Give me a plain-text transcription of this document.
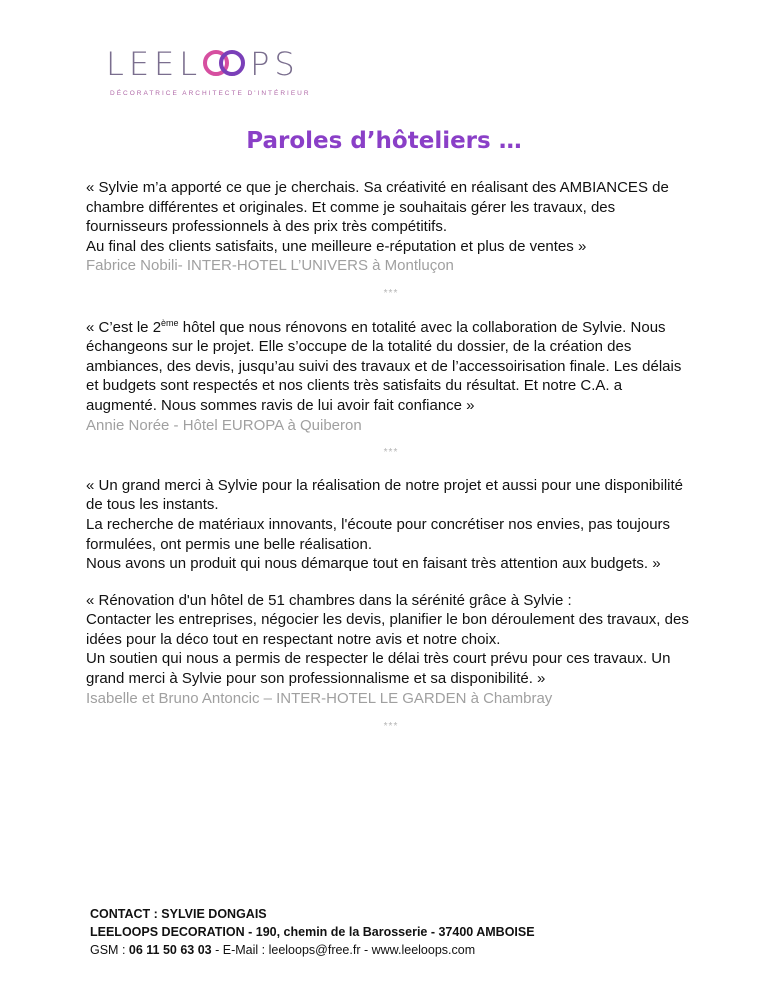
LEEL PS
DÉCORATRICE ARCHITECTE D'INTÉRIEUR
Paroles d’hôteliers …

« Sylvie m’a apporté ce que je cherchais. Sa créativité en réalisant des AMBIANCES de chambre différentes et originales. Et comme je souhaitais gérer les travaux, des fournisseurs professionnels à des prix très compétitifs.
Au final des clients satisfaits, une meilleure e-réputation et plus de ventes »

Fabrice Nobili- INTER-HOTEL L’UNIVERS à Montluçon

***

« C’est le 2ème hôtel que nous rénovons en totalité avec la collaboration de Sylvie. Nous échangeons sur le projet. Elle s’occupe de la totalité du dossier, de la création des ambiances, des devis, jusqu’au suivi des travaux et de l’accessoirisation finale. Les délais et budgets sont respectés et nos clients très satisfaits du résultat. Et notre C.A. a augmenté. Nous sommes ravis de lui avoir fait confiance »

Annie Norée - Hôtel EUROPA à Quiberon

***

« Un grand merci à Sylvie pour la réalisation de notre projet et aussi pour une disponibilité de tous les instants.
La recherche de matériaux innovants, l'écoute pour concrétiser nos envies, pas toujours formulées, ont permis une belle réalisation.
Nous avons un produit qui nous démarque tout en faisant très attention aux budgets. »

« Rénovation d'un hôtel de 51 chambres dans la sérénité grâce à Sylvie :
Contacter les entreprises, négocier les devis, planifier le bon déroulement des travaux, des idées pour la déco tout en respectant notre avis et notre choix.
Un soutien qui nous a permis de respecter le délai très court prévu pour ces travaux. Un grand merci à Sylvie pour son professionnalisme et sa disponibilité. »

Isabelle et Bruno Antoncic – INTER-HOTEL LE GARDEN à Chambray

***

CONTACT : SYLVIE DONGAIS

LEELOOPS DECORATION - 190, chemin de la Barosserie - 37400 AMBOISE

GSM : 06 11 50 63 03 - E-Mail : leeloops@free.fr - www.leeloops.com
